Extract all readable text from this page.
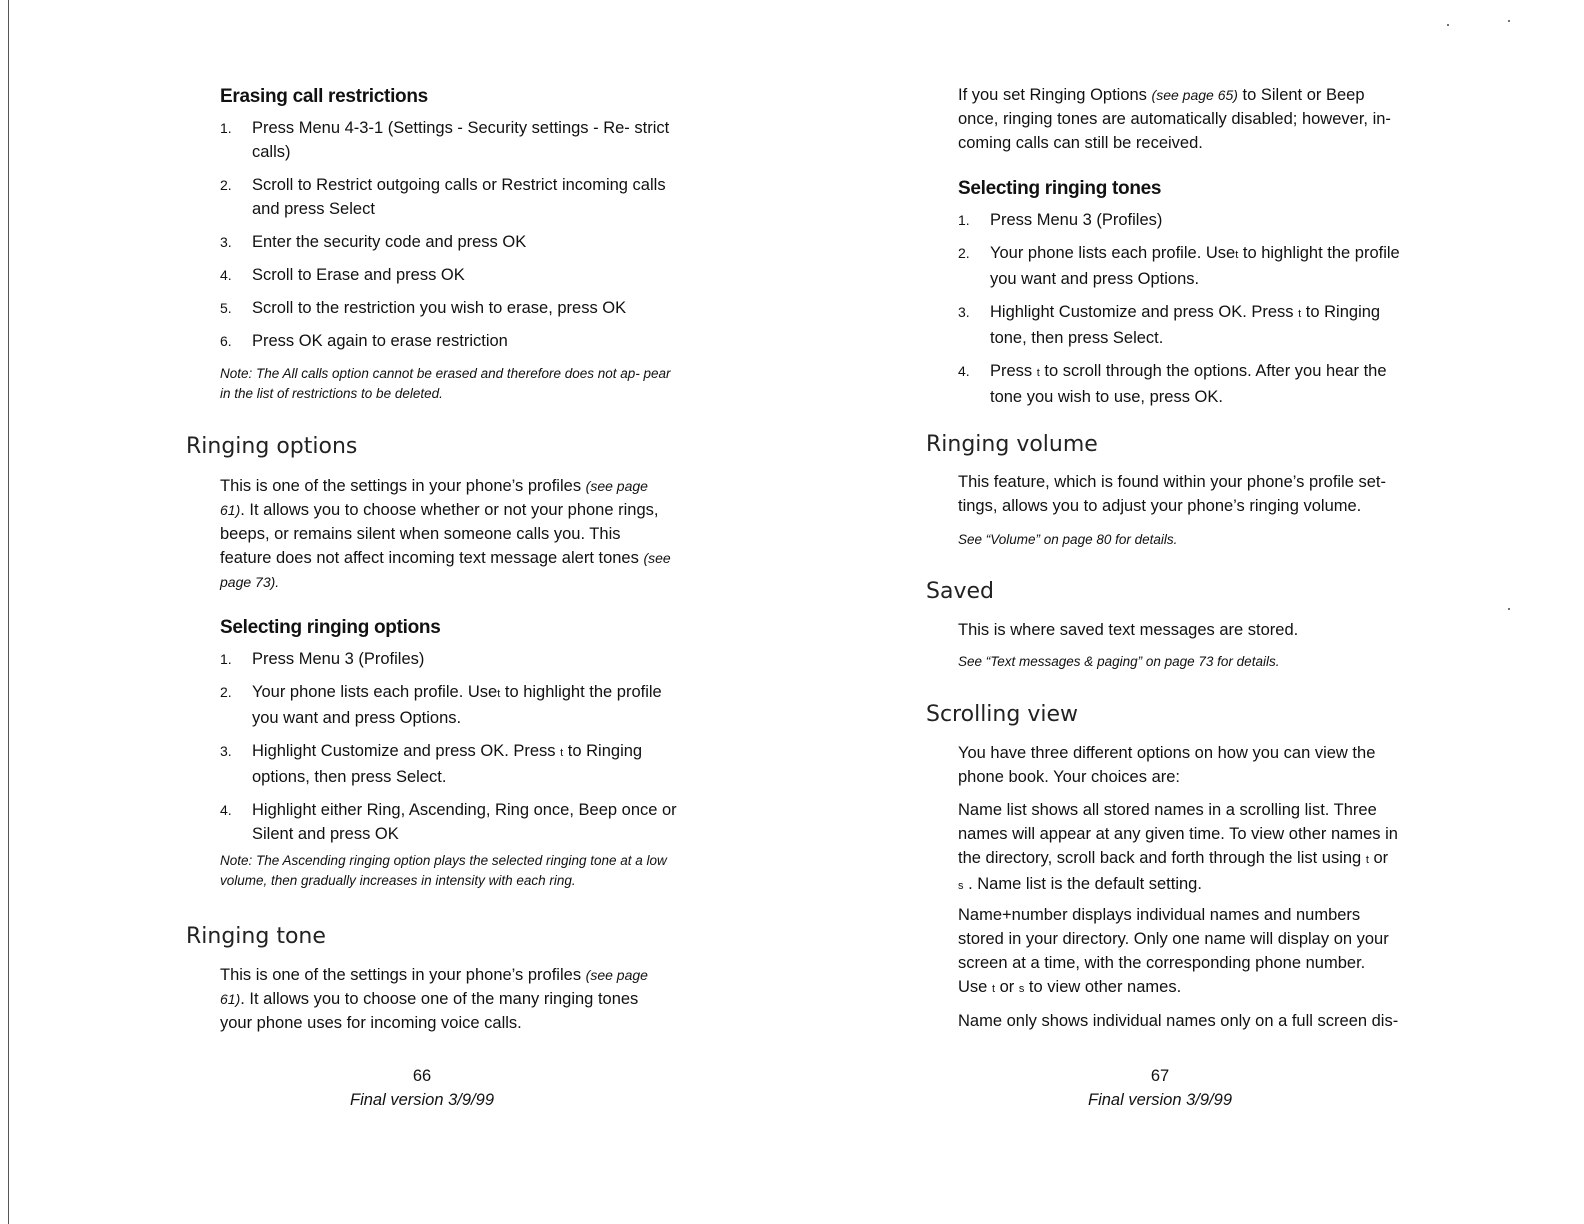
Erasing call restrictions
1. Press Menu 4-3-1 (Settings - Security settings - Re- strict calls)
2. Scroll to Restrict outgoing calls or Restrict incoming calls and press Select
3. Enter the security code and press OK
4. Scroll to Erase and press OK
5. Scroll to the restriction you wish to erase, press OK
6. Press OK again to erase restriction

Note: The All calls option cannot be erased and therefore does not ap- pear in the list of restrictions to be deleted.

Ringing options

This is one of the settings in your phone’s profiles (see page 61). It allows you to choose whether or not your phone rings, beeps, or remains silent when someone calls you. This feature does not affect incoming text message alert tones (see page 73).

Selecting ringing options
1. Press Menu 3 (Profiles)
2. Your phone lists each profile. Uset to highlight the profile you want and press Options.
3. Highlight Customize and press OK. Press t to Ringing options, then press Select.
4. Highlight either Ring, Ascending, Ring once, Beep once or Silent and press OK

Note: The Ascending ringing option plays the selected ringing tone at a low volume, then gradually increases in intensity with each ring.

Ringing tone

This is one of the settings in your phone’s profiles (see page 61). It allows you to choose one of the many ringing tones your phone uses for incoming voice calls.

66
Final version 3/9/99

If you set Ringing Options (see page 65) to Silent or Beep once, ringing tones are automatically disabled; however, in- coming calls can still be received.

Selecting ringing tones
1. Press Menu 3 (Profiles)
2. Your phone lists each profile. Uset to highlight the profile you want and press Options.
3. Highlight Customize and press OK. Press t to Ringing tone, then press Select.
4. Press t to scroll through the options. After you hear the tone you wish to use, press OK.
Ringing volume

This feature, which is found within your phone’s profile set- tings, allows you to adjust your phone’s ringing volume.

See “Volume” on page 80 for details.

Saved

This is where saved text messages are stored.

See “Text messages & paging” on page 73 for details.

Scrolling view

You have three different options on how you can view the phone book. Your choices are:

Name list shows all stored names in a scrolling list. Three names will appear at any given time. To view other names in the directory, scroll back and forth through the list using t or s . Name list is the default setting.

Name+number displays individual names and numbers stored in your directory. Only one name will display on your screen at a time, with the corresponding phone number. Use t or s to view other names.

Name only shows individual names only on a full screen dis-

67
Final version 3/9/99
